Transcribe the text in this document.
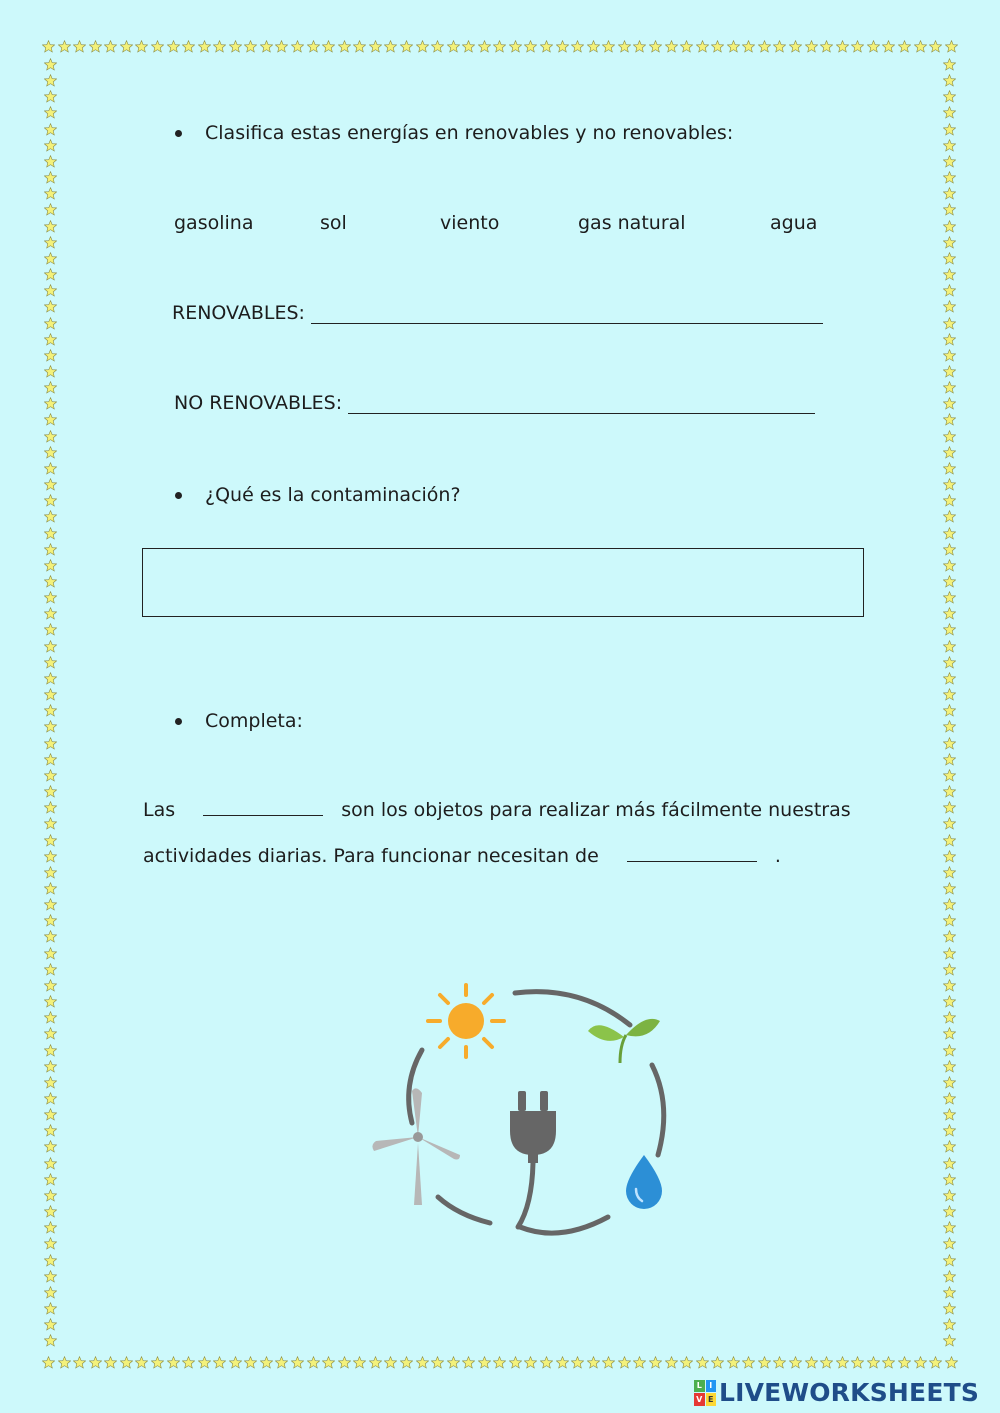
Clasifica estas energías en renovables y no renovables:
gasolina	sol	viento	gas natural	agua
RENOVABLES:
NO RENOVABLES:
¿Qué es la contaminación?
Completa:
Las	son los objetos para realizar más fácilmente nuestras
actividades diarias. Para funcionar necesitan de	.
L I
V E LIVEWORKSHEETS
